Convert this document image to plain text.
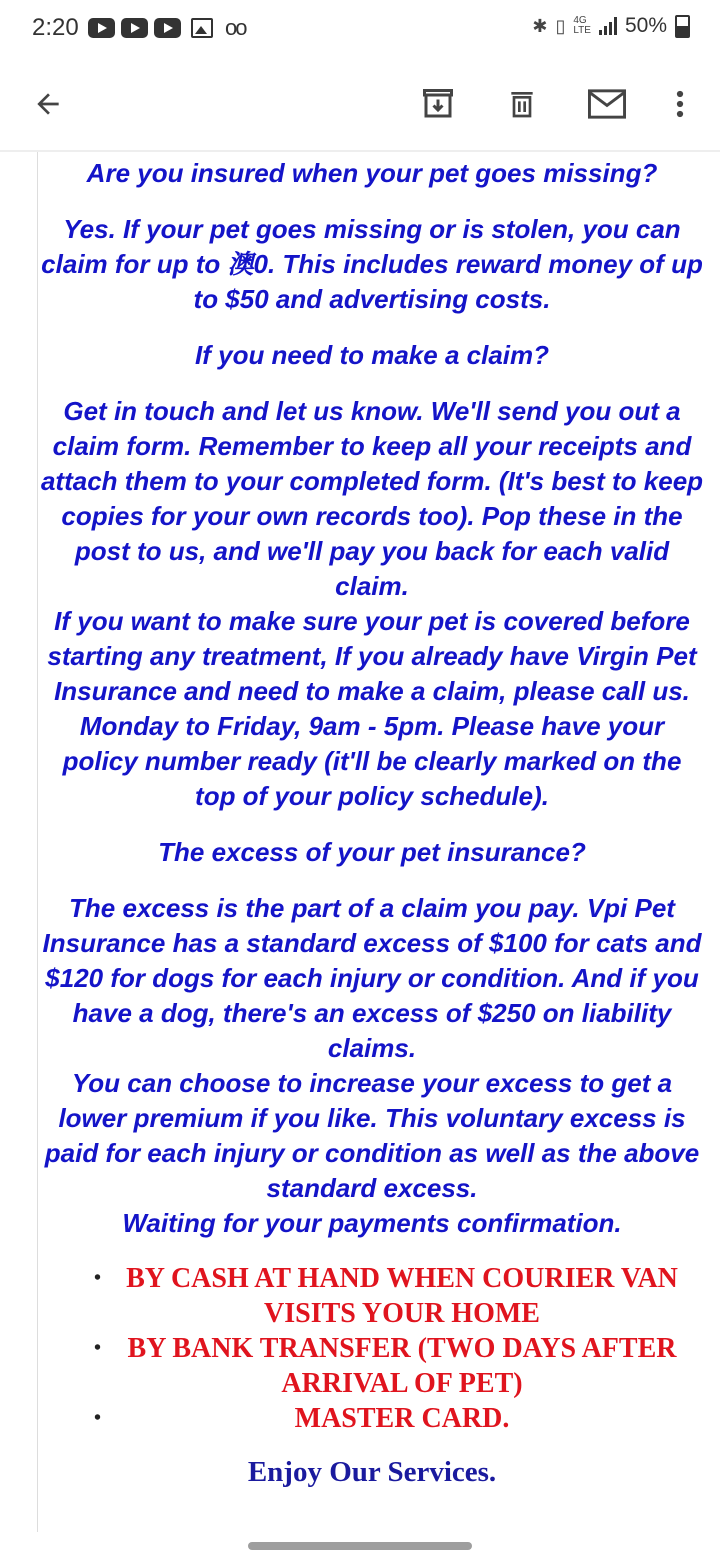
2:20	oo	✱ ▯ 4G
LTE 50%

Are you insured when your pet goes missing?

Yes. If your pet goes missing or is stolen, you can claim for up to 澳0. This includes reward money of up to $50 and advertising costs.

If you need to make a claim?

Get in touch and let us know. We'll send you out a claim form. Remember to keep all your receipts and attach them to your completed form. (It's best to keep copies for your own records too). Pop these in the post to us, and we'll pay you back for each valid claim.

If you want to make sure your pet is covered before starting any treatment, If you already have Virgin Pet Insurance and need to make a claim, please call us.

Monday to Friday, 9am - 5pm. Please have your policy number ready (it'll be clearly marked on the top of your policy schedule).

The excess of your pet insurance?

The excess is the part of a claim you pay. Vpi Pet Insurance has a standard excess of $100 for cats and $120 for dogs for each injury or condition. And if you have a dog, there's an excess of $250 on liability claims.

You can choose to increase your excess to get a lower premium if you like. This voluntary excess is paid for each injury or condition as well as the above standard excess.

Waiting for your payments confirmation.

• BY CASH AT HAND WHEN COURIER VAN VISITS YOUR HOME
• BY BANK TRANSFER (TWO DAYS AFTER ARRIVAL OF PET)
•	MASTER CARD.
Enjoy Our Services.
